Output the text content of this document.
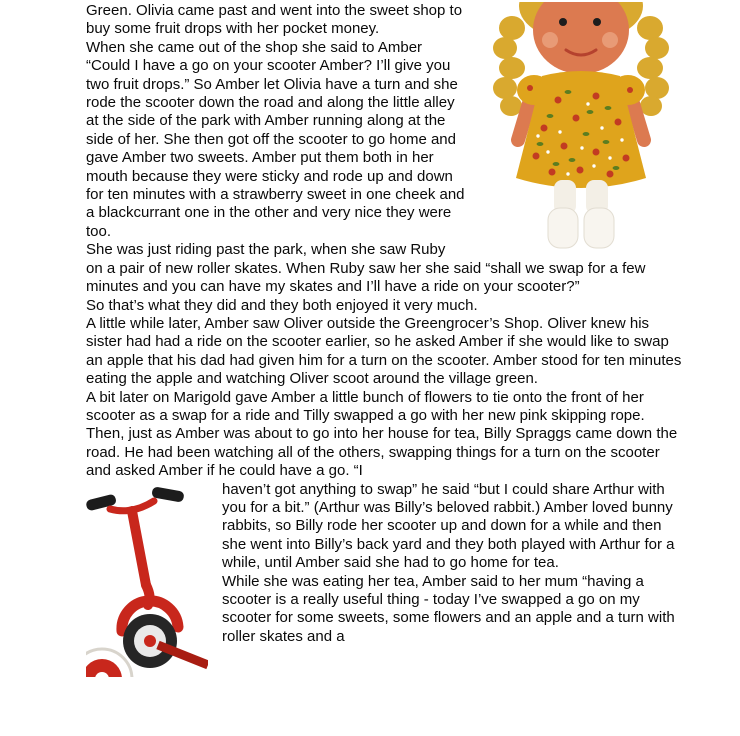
Green. Olivia came past and went into the sweet shop to buy some fruit drops with her pocket money.

When she came out of the shop she said to Amber “Could I have a go on your scooter Amber? I’ll give you two fruit drops.” So Amber let Olivia have a turn and she rode the scooter down the road and along the little alley at the side of the park with Amber running along at the side of her. She then got off the scooter to go home and gave Amber two sweets. Amber put them both in her mouth because they were sticky and rode up and down for ten minutes with a strawberry sweet in one cheek and a blackcurrant one in the other and very nice they were too.

She was just riding past the park, when she saw Ruby on a pair of new roller skates. When Ruby saw her she said “shall we swap for a few minutes and you can have my skates and I’ll have a ride on your scooter?”

So that’s what they did and they both enjoyed it very much.

A little while later, Amber saw Oliver outside the Greengrocer’s Shop. Oliver knew his sister had had a ride on the scooter earlier, so he asked Amber if she would like to swap an apple that his dad had given him for a turn on the scooter. Amber stood for ten minutes eating the apple and watching Oliver scoot around the village green.

A bit later on Marigold gave Amber a little bunch of flowers to tie onto the front of her scooter as a swap for a ride and Tilly swapped a go with her new pink skipping rope.

Then, just as Amber was about to go into her house for tea, Billy Spraggs came down the road. He had been watching all of the others, swapping things for a turn on the scooter and asked Amber if he could have a go. “I

haven’t got anything to swap” he said “but I could share Arthur with you for a bit.” (Arthur was Billy’s beloved rabbit.) Amber loved bunny rabbits, so Billy rode her scooter up and down for a while and then she went into Billy’s back yard and they both played with Arthur for a while, until Amber said she had to go home for tea.

While she was eating her tea, Amber said to her mum “having a scooter is a really useful thing - today I’ve swapped a go on my scooter for some sweets, some flowers and an apple and a turn with roller skates and a
